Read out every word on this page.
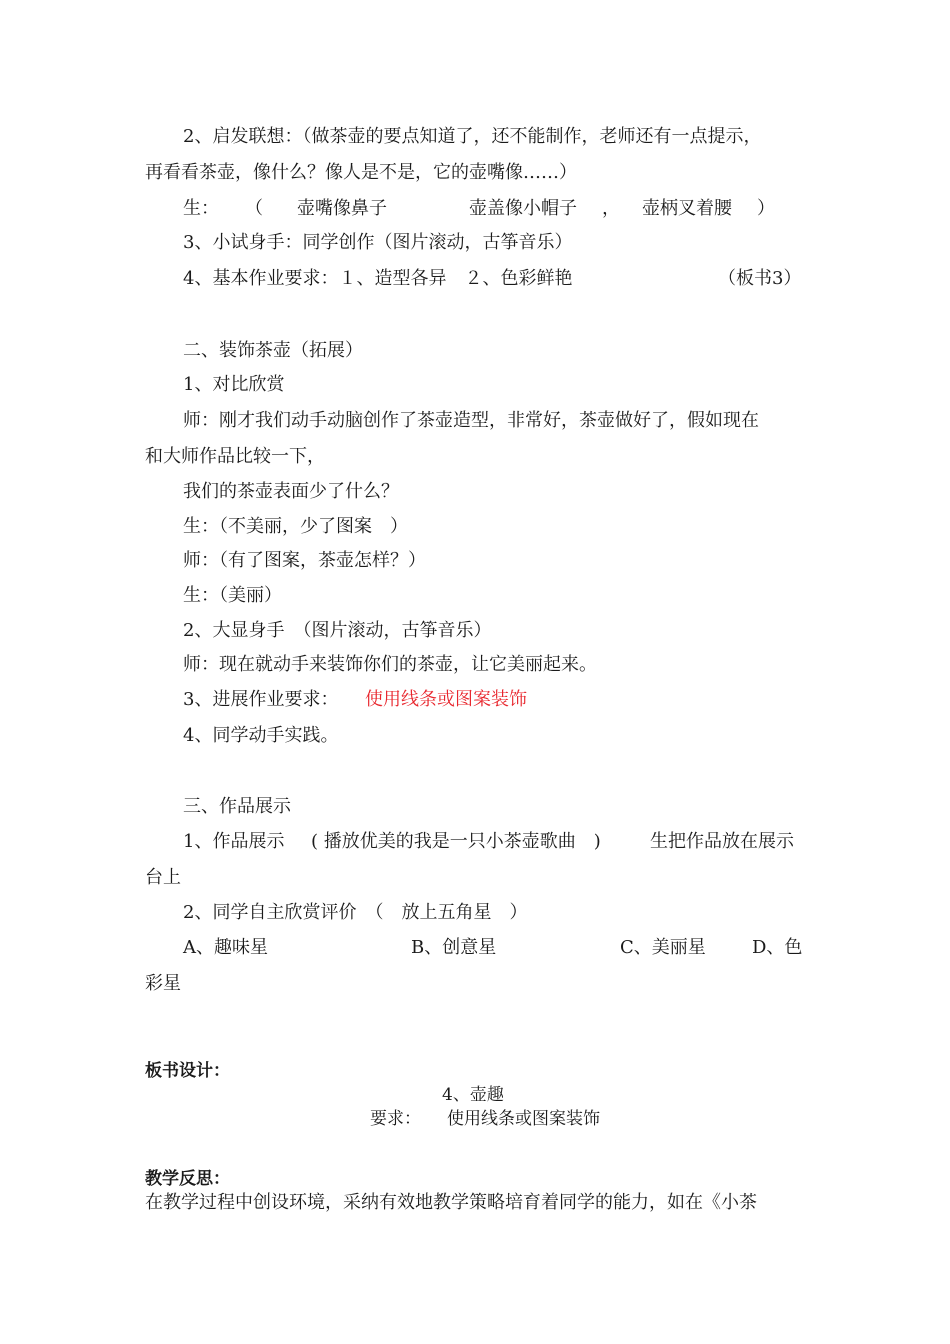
2、启发联想：（做茶壶的要点知道了，还不能制作，老师还有一点提示，

再看看茶壶，像什么？像人是不是，它的壶嘴像……）

生： （ 壶嘴像鼻子	壶盖像小帽子 ， 壶柄叉着腰 ）

3、小试身手：同学创作（图片滚动，古筝音乐）

4、基本作业要求：１、造型各异　２、色彩鲜艳	（板书3）

二、装饰茶壶（拓展）

1、对比欣赏

师：刚才我们动手动脑创作了茶壶造型，非常好，茶壶做好了，假如现在

和大师作品比较一下，

我们的茶壶表面少了什么？

生：（不美丽，少了图案　）

师：（有了图案，茶壶怎样？）

生：（美丽）

2、大显身手　（图片滚动，古筝音乐）

师：现在就动手来装饰你们的茶壶，让它美丽起来。

3、进展作业要求： 使用线条或图案装饰

4、同学动手实践。

三、作品展示

1、作品展示 ( 播放优美的我是一只小茶壶歌曲　)	生把作品放在展示

台上

2、同学自主欣赏评价　（　放上五角星　）

A、趣味星	B、创意星	C、美丽星	D、色

彩星

板书设计：

4、壶趣

要求： 使用线条或图案装饰

教学反思：

在教学过程中创设环境，采纳有效地教学策略培育着同学的能力，如在《小茶
